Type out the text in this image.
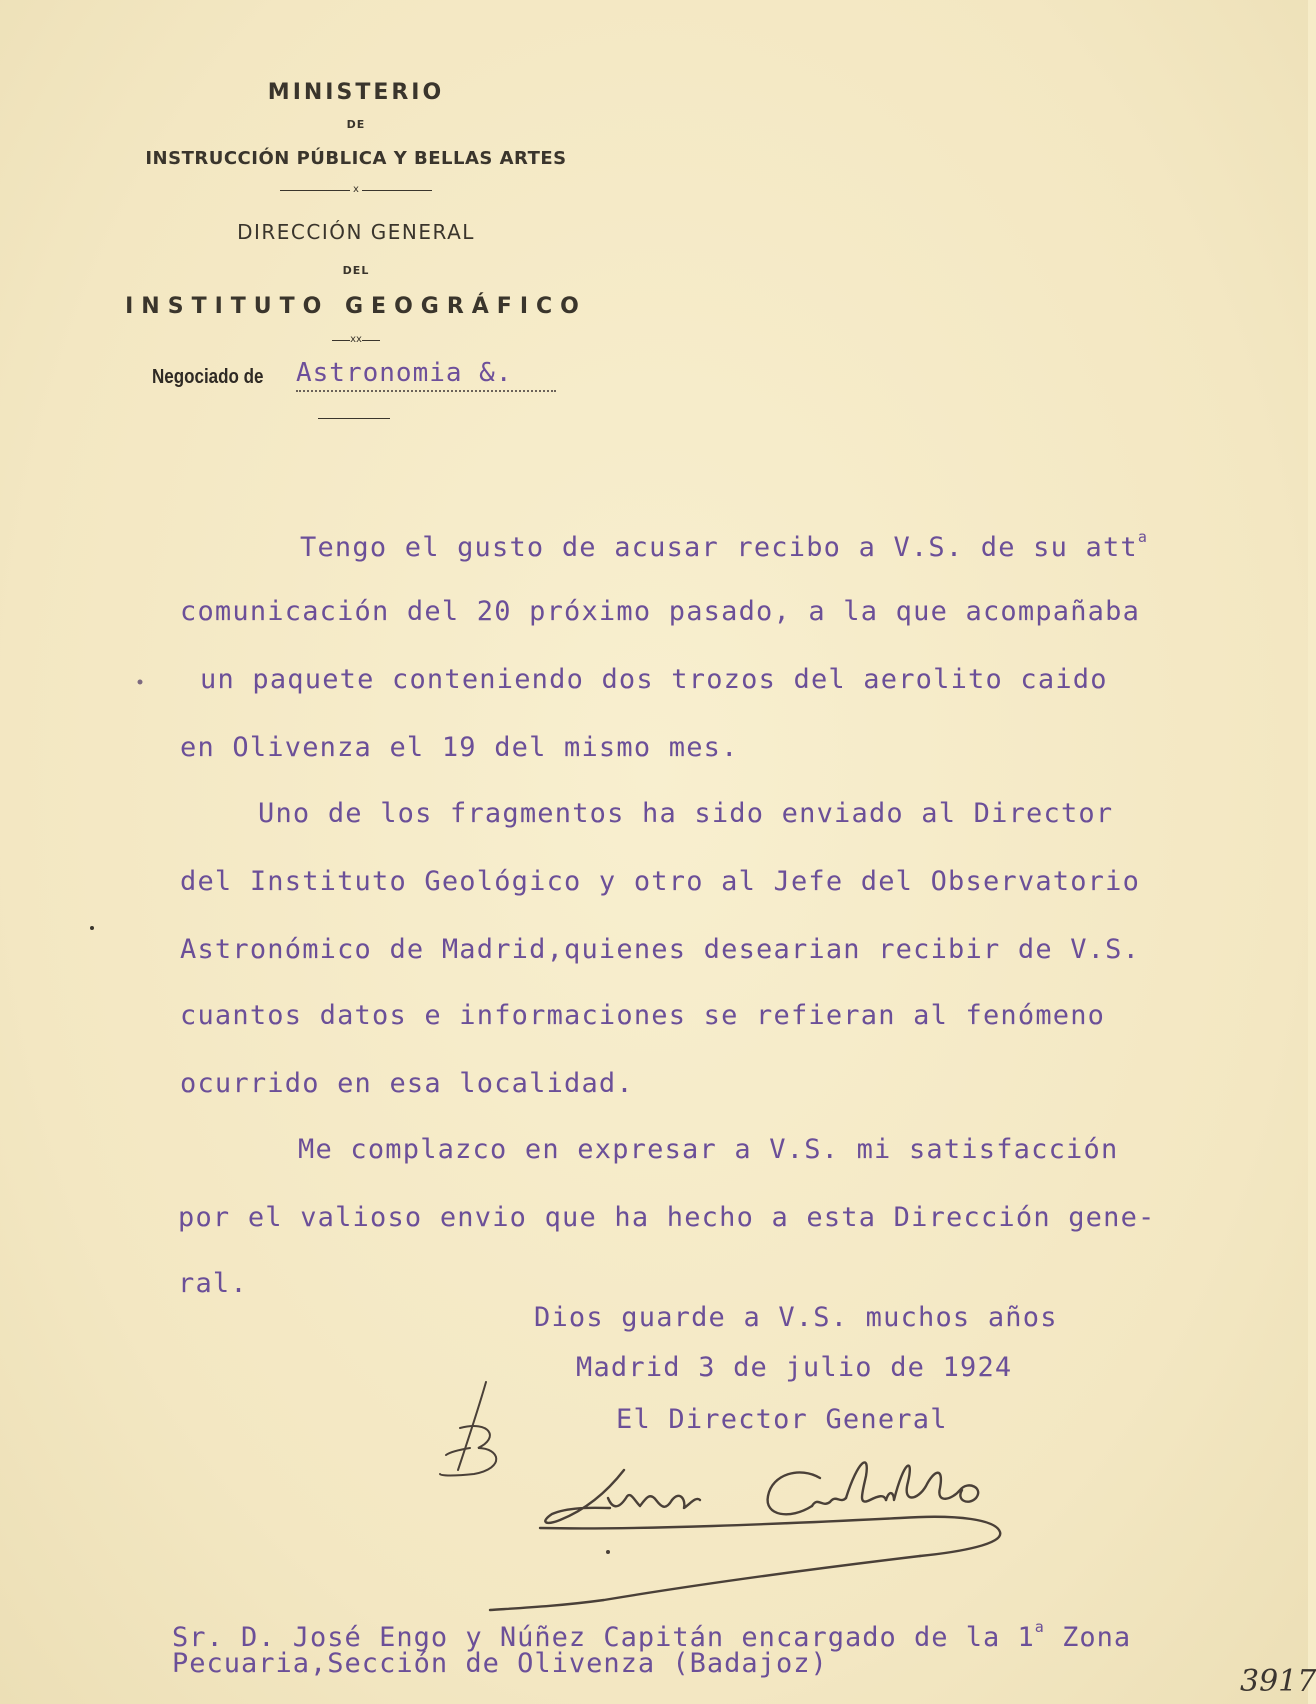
MINISTERIO
DE
INSTRUCCIÓN PÚBLICA Y BELLAS ARTES
x
DIRECCIÓN GENERAL
DEL
INSTITUTO GEOGRÁFICO
xx
Negociado de Astronomia &.
Tengo el gusto de acusar recibo a V.S. de su att$^a$
comunicación del 20 próximo pasado, a la que acompañaba
un paquete conteniendo dos trozos del aerolito caido
en Olivenza el 19 del mismo mes.
Uno de los fragmentos ha sido enviado al Director
del Instituto Geológico y otro al Jefe del Observatorio
Astronómico de Madrid,quienes desearian recibir de V.S.
cuantos datos e informaciones se refieran al fenómeno
ocurrido en esa localidad.
Me complazco en expresar a V.S. mi satisfacción
por el valioso envio que ha hecho a esta Dirección gene-
ral.
Dios guarde a V.S. muchos años
Madrid 3 de julio de 1924
El Director General
Sr. D. José Engo y Núñez Capitán encargado de la 1$^a$ Zona
Pecuaria,Sección de Olivenza (Badajoz)
3917
